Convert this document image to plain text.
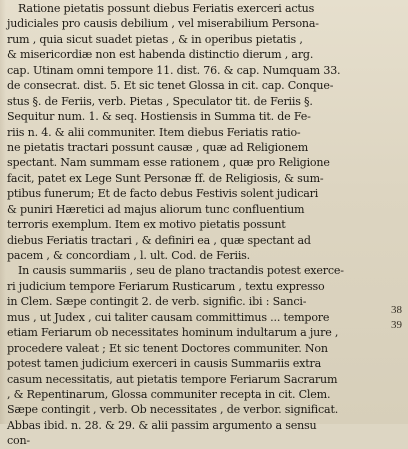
Ratione pietatis possunt diebus Feriatis exerceri actus
judiciales pro causis debilium , vel miserabilium Persona-
rum , quia sicut suadet pietas , & in operibus pietatis ,
& misericordiæ non est habenda distinctio dierum , arg.
cap. Utinam omni tempore 11. dist. 76. & cap. Numquam 33.
de consecrat. dist. 5. Et sic tenet Glossa in cit. cap. Conque-
stus §. de Feriis, verb. Pietas , Speculator tit. de Feriis §.
Sequitur num. 1. & seq. Hostiensis in Summa tit. de Fe-
riis n. 4. & alii communiter. Item diebus Feriatis ratio-
ne pietatis tractari possunt causæ , quæ ad Religionem
spectant. Nam summam esse rationem , quæ pro Religione
facit, patet ex Lege Sunt Personæ ff. de Religiosis, & sum-
ptibus funerum; Et de facto debus Festivis solent judicari
& puniri Hæretici ad majus aliorum tunc confluentium
terroris exemplum. Item ex motivo pietatis possunt
diebus Feriatis tractari , & definiri ea , quæ spectant ad
pacem , & concordiam , l. ult. Cod. de Feriis.
In causis summariis , seu de plano tractandis potest exerce-
ri judicium tempore Feriarum Rusticarum , textu expresso
in Clem. Sæpe contingit 2. de verb. signific. ibi : Sanci-
mus , ut Judex , cui taliter causam committimus ... tempore
etiam Feriarum ob necessitates hominum indultarum a jure ,
procedere valeat ; Et sic tenent Doctores communiter. Non
potest tamen judicium exerceri in causis Summariis extra
casum necessitatis, aut pietatis tempore Feriarum Sacrarum
, & Repentinarum, Glossa communiter recepta in cit. Clem.
Sæpe contingit , verb. Ob necessitates , de verbor. significat.
Abbas ibid. n. 28. & 29. & alii passim argumento a sensu
con-
38
39
